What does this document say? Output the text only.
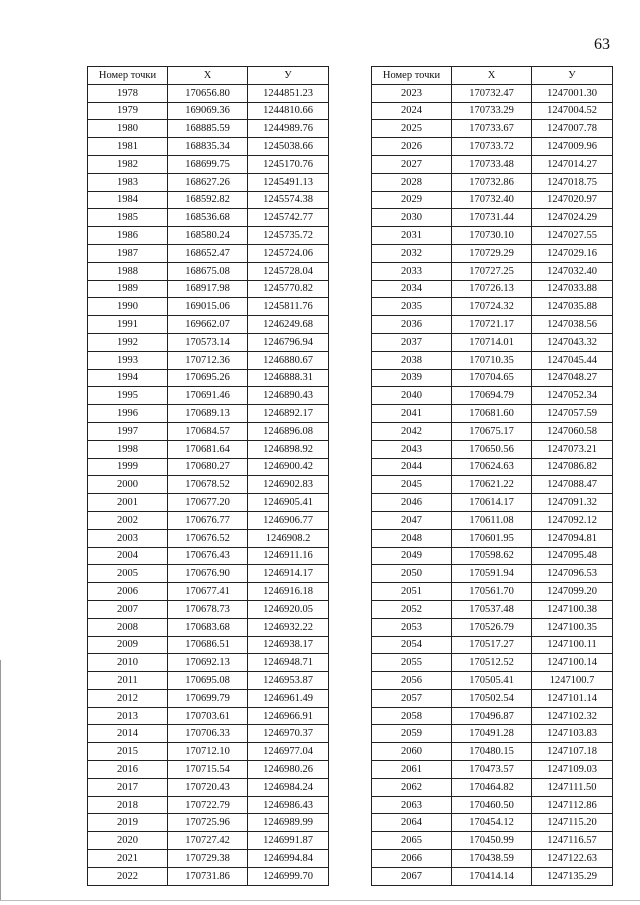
63
Номер точки	X	У
1978	170656.80	1244851.23
1979	169069.36	1244810.66
1980	168885.59	1244989.76
1981	168835.34	1245038.66
1982	168699.75	1245170.76
1983	168627.26	1245491.13
1984	168592.82	1245574.38
1985	168536.68	1245742.77
1986	168580.24	1245735.72
1987	168652.47	1245724.06
1988	168675.08	1245728.04
1989	168917.98	1245770.82
1990	169015.06	1245811.76
1991	169662.07	1246249.68
1992	170573.14	1246796.94
1993	170712.36	1246880.67
1994	170695.26	1246888.31
1995	170691.46	1246890.43
1996	170689.13	1246892.17
1997	170684.57	1246896.08
1998	170681.64	1246898.92
1999	170680.27	1246900.42
2000	170678.52	1246902.83
2001	170677.20	1246905.41
2002	170676.77	1246906.77
2003	170676.52	1246908.2
2004	170676.43	1246911.16
2005	170676.90	1246914.17
2006	170677.41	1246916.18
2007	170678.73	1246920.05
2008	170683.68	1246932.22
2009	170686.51	1246938.17
2010	170692.13	1246948.71
2011	170695.08	1246953.87
2012	170699.79	1246961.49
2013	170703.61	1246966.91
2014	170706.33	1246970.37
2015	170712.10	1246977.04
2016	170715.54	1246980.26
2017	170720.43	1246984.24
2018	170722.79	1246986.43
2019	170725.96	1246989.99
2020	170727.42	1246991.87
2021	170729.38	1246994.84
2022	170731.86	1246999.70
Номер точки	X	У
2023	170732.47	1247001.30
2024	170733.29	1247004.52
2025	170733.67	1247007.78
2026	170733.72	1247009.96
2027	170733.48	1247014.27
2028	170732.86	1247018.75
2029	170732.40	1247020.97
2030	170731.44	1247024.29
2031	170730.10	1247027.55
2032	170729.29	1247029.16
2033	170727.25	1247032.40
2034	170726.13	1247033.88
2035	170724.32	1247035.88
2036	170721.17	1247038.56
2037	170714.01	1247043.32
2038	170710.35	1247045.44
2039	170704.65	1247048.27
2040	170694.79	1247052.34
2041	170681.60	1247057.59
2042	170675.17	1247060.58
2043	170650.56	1247073.21
2044	170624.63	1247086.82
2045	170621.22	1247088.47
2046	170614.17	1247091.32
2047	170611.08	1247092.12
2048	170601.95	1247094.81
2049	170598.62	1247095.48
2050	170591.94	1247096.53
2051	170561.70	1247099.20
2052	170537.48	1247100.38
2053	170526.79	1247100.35
2054	170517.27	1247100.11
2055	170512.52	1247100.14
2056	170505.41	1247100.7
2057	170502.54	1247101.14
2058	170496.87	1247102.32
2059	170491.28	1247103.83
2060	170480.15	1247107.18
2061	170473.57	1247109.03
2062	170464.82	1247111.50
2063	170460.50	1247112.86
2064	170454.12	1247115.20
2065	170450.99	1247116.57
2066	170438.59	1247122.63
2067	170414.14	1247135.29
